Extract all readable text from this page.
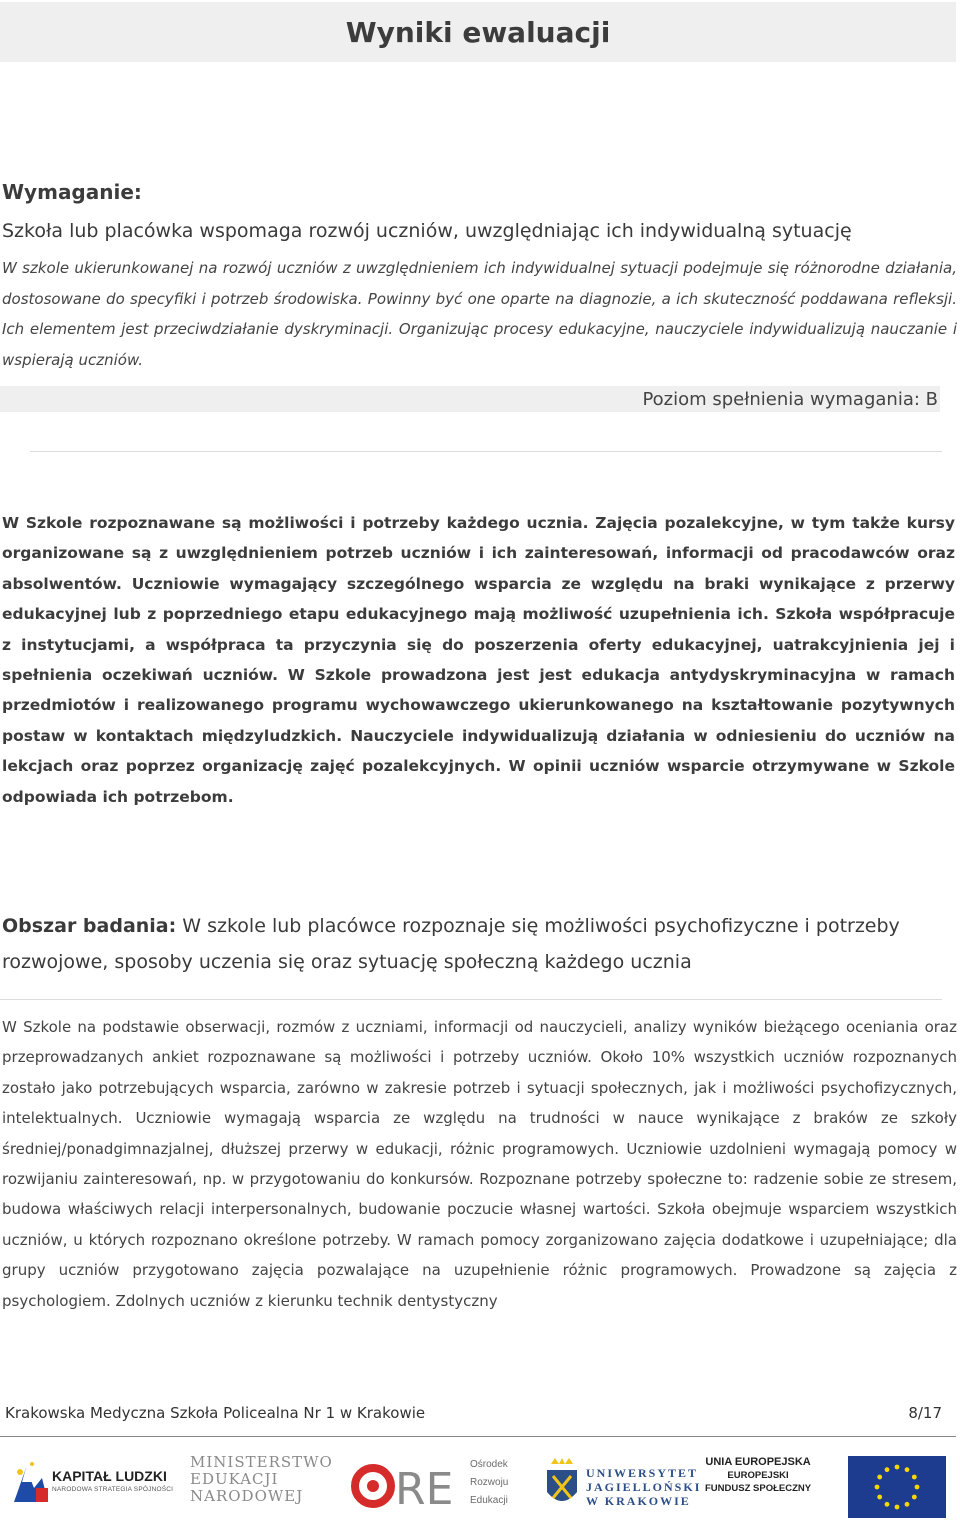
Wyniki ewaluacji
Wymaganie:

Szkoła lub placówka wspomaga rozwój uczniów, uwzględniając ich indywidualną sytuację

W szkole ukierunkowanej na rozwój uczniów z uwzględnieniem ich indywidualnej sytuacji podejmuje się różnorodne działania, dostosowane do specyfiki i potrzeb środowiska. Powinny być one oparte na diagnozie, a ich skuteczność poddawana refleksji. Ich elementem jest przeciwdziałanie dyskryminacji. Organizując procesy edukacyjne, nauczyciele indywidualizują nauczanie i wspierają uczniów.

Poziom spełnienia wymagania: B

W Szkole rozpoznawane są możliwości i potrzeby każdego ucznia. Zajęcia pozalekcyjne, w tym także kursy organizowane są z uwzględnieniem potrzeb uczniów i ich zainteresowań, informacji od pracodawców oraz absolwentów. Uczniowie wymagający szczególnego wsparcia ze względu na braki wynikające z przerwy edukacyjnej lub z poprzedniego etapu edukacyjnego mają możliwość uzupełnienia ich. Szkoła współpracuje z instytucjami, a współpraca ta przyczynia się do poszerzenia oferty edukacyjnej, uatrakcyjnienia jej i spełnienia oczekiwań uczniów. W Szkole prowadzona jest jest edukacja antydyskryminacyjna w ramach przedmiotów i realizowanego programu wychowawczego ukierunkowanego na kształtowanie pozytywnych postaw w kontaktach międzyludzkich. Nauczyciele indywidualizują działania w odniesieniu do uczniów na lekcjach oraz poprzez organizację zajęć pozalekcyjnych. W opinii uczniów wsparcie otrzymywane w Szkole odpowiada ich potrzebom.

Obszar badania: W szkole lub placówce rozpoznaje się możliwości psychofizyczne i potrzeby rozwojowe, sposoby uczenia się oraz sytuację społeczną każdego ucznia

W Szkole na podstawie obserwacji, rozmów z uczniami, informacji od nauczycieli, analizy wyników bieżącego oceniania oraz przeprowadzanych ankiet rozpoznawane są możliwości i potrzeby uczniów. Około 10% wszystkich uczniów rozpoznanych zostało jako potrzebujących wsparcia, zarówno w zakresie potrzeb i sytuacji społecznych, jak i możliwości psychofizycznych, intelektualnych. Uczniowie wymagają wsparcia ze względu na trudności w nauce wynikające z braków ze szkoły średniej/ponadgimnazjalnej, dłuższej przerwy w edukacji, różnic programowych. Uczniowie uzdolnieni wymagają pomocy w rozwijaniu zainteresowań, np. w przygotowaniu do konkursów. Rozpoznane potrzeby społeczne to: radzenie sobie ze stresem, budowa właściwych relacji interpersonalnych, budowanie poczucie własnej wartości. Szkoła obejmuje wsparciem wszystkich uczniów, u których rozpoznano określone potrzeby. W ramach pomocy zorganizowano zajęcia dodatkowe i uzupełniające; dla grupy uczniów przygotowano zajęcia pozwalające na uzupełnienie różnic programowych. Prowadzone są zajęcia z psychologiem. Zdolnych uczniów z kierunku technik dentystyczny

Krakowska Medyczna Szkoła Policealna Nr 1 w Krakowie	8/17
KAPITAŁ LUDZKI
NARODOWA STRATEGIA SPÓJNOŚCI
MINISTERSTWO
EDUKACJI
NARODOWEJ	RE Ośrodek
Rozwoju
Edukacji
UNIWERSYTET
JAGIELLOŃSKI
W KRAKOWIE
UNIA EUROPEJSKA
EUROPEJSKI
FUNDUSZ SPOŁECZNY
